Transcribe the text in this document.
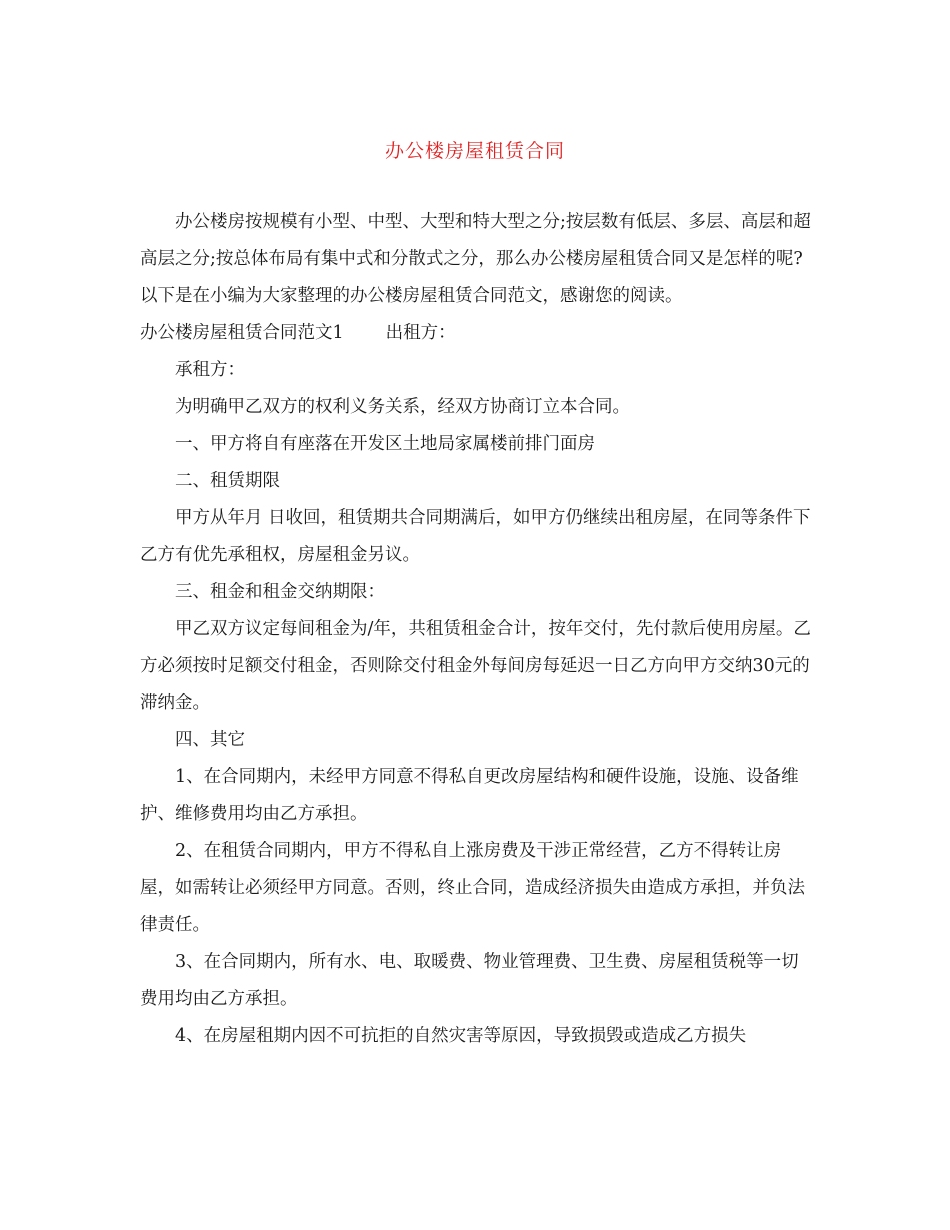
办公楼房屋租赁合同

办公楼房按规模有小型、中型、大型和特大型之分;按层数有低层、多层、高层和超高层之分;按总体布局有集中式和分散式之分，那么办公楼房屋租赁合同又是怎样的呢?以下是在小编为大家整理的办公楼房屋租赁合同范文，感谢您的阅读。

办公楼房屋租赁合同范文1 出租方：

承租方：

为明确甲乙双方的权利义务关系，经双方协商订立本合同。

一、甲方将自有座落在开发区土地局家属楼前排门面房

二、租赁期限

甲方从年月 日收回，租赁期共合同期满后，如甲方仍继续出租房屋，在同等条件下乙方有优先承租权，房屋租金另议。

三、租金和租金交纳期限：

甲乙双方议定每间租金为/年，共租赁租金合计，按年交付，先付款后使用房屋。乙方必须按时足额交付租金，否则除交付租金外每间房每延迟一日乙方向甲方交纳30元的滞纳金。

四、其它

1、在合同期内，未经甲方同意不得私自更改房屋结构和硬件设施，设施、设备维护、维修费用均由乙方承担。

2、在租赁合同期内，甲方不得私自上涨房费及干涉正常经营，乙方不得转让房屋，如需转让必须经甲方同意。否则，终止合同，造成经济损失由造成方承担，并负法律责任。

3、在合同期内，所有水、电、取暖费、物业管理费、卫生费、房屋租赁税等一切费用均由乙方承担。

4、在房屋租期内因不可抗拒的自然灾害等原因，导致损毁或造成乙方损失
